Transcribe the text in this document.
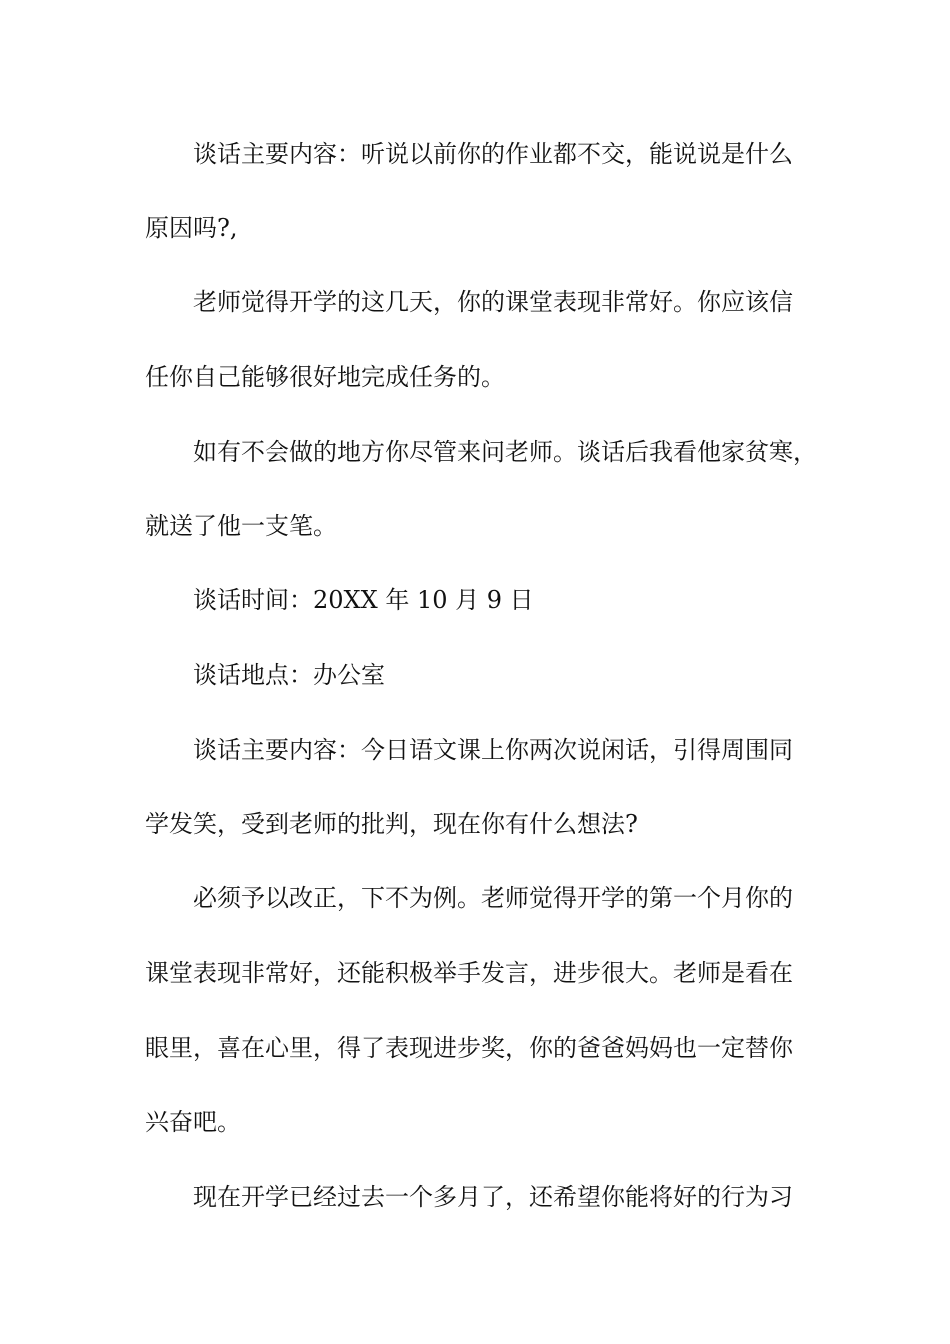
谈话主要内容：听说以前你的作业都不交，能说说是什么

原因吗?,

老师觉得开学的这几天，你的课堂表现非常好。你应该信

任你自己能够很好地完成任务的。

如有不会做的地方你尽管来问老师。谈话后我看他家贫寒，

就送了他一支笔。

谈话时间：20XX 年 10 月 9 日

谈话地点：办公室

谈话主要内容：今日语文课上你两次说闲话，引得周围同

学发笑，受到老师的批判，现在你有什么想法?

必须予以改正，下不为例。老师觉得开学的第一个月你的

课堂表现非常好，还能积极举手发言，进步很大。老师是看在

眼里，喜在心里，得了表现进步奖，你的爸爸妈妈也一定替你

兴奋吧。

现在开学已经过去一个多月了，还希望你能将好的行为习
